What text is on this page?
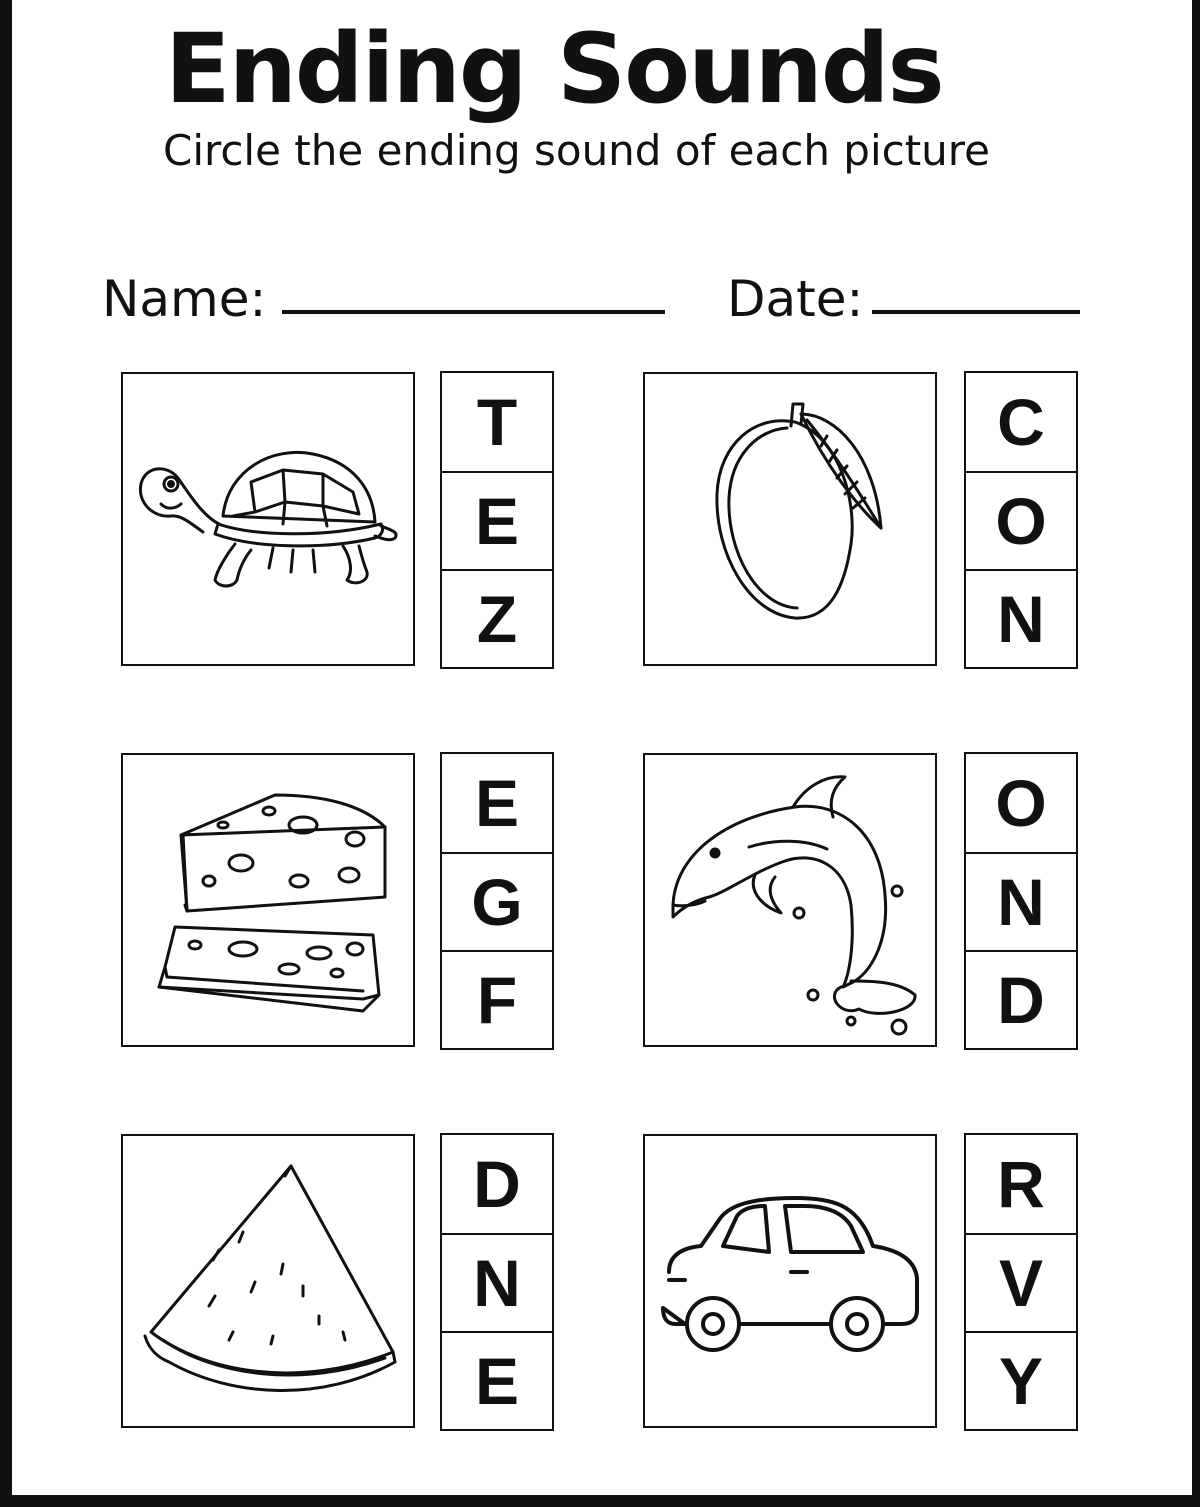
Ending Sounds
Circle the ending sound of each picture
Name:	Date:
T
E
Z
C
O
N
E
G
F
O
N
D
D
N
E
R
V
Y
